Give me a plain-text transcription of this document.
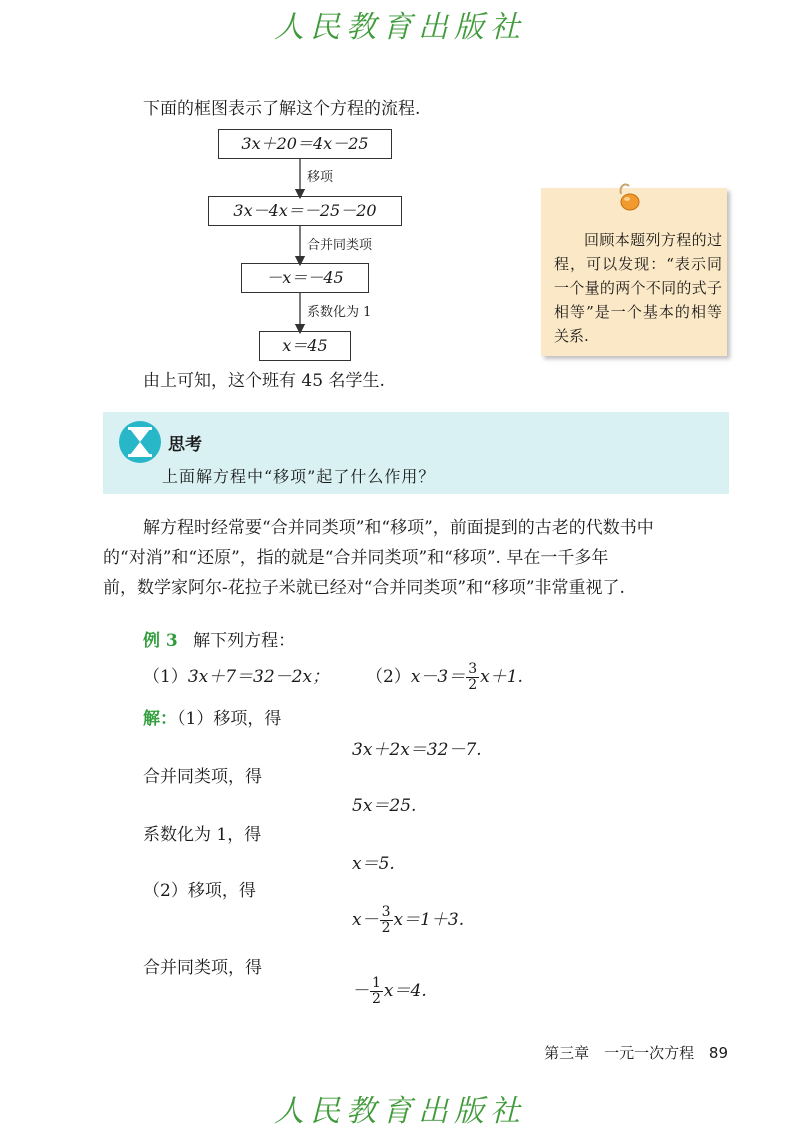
人民教育出版社
下面的框图表示了解这个方程的流程.
3x＋20＝4x－25
3x－4x＝－25－20
－x＝－45
x＝45
移项
合并同类项
系数化为 1
回顾本题列方程的过程，可以发现：“表示同一个量的两个不同的式子相等”是一个基本的相等关系.
由上可知，这个班有 45 名学生.
思考
上面解方程中“移项”起了什么作用？
解方程时经常要“合并同类项”和“移项”，前面提到的古老的代数书中
的“对消”和“还原”，指的就是“合并同类项”和“移项”. 早在一千多年
前，数学家阿尔-花拉子米就已经对“合并同类项”和“移项”非常重视了.
例 3 解下列方程：
（1）3x＋7＝32－2x； $(2)x-3= \frac{3}{2} x+1$.
解：（1）移项，得
3x＋2x＝32－7.
合并同类项，得
5x＝25.
系数化为 1，得
x＝5.
（2）移项，得
$x- \frac{3}{2} x=1+3$.
合并同类项，得
－ $\frac{1}{2} x=4$.
第三章　一元一次方程 89
人民教育出版社
